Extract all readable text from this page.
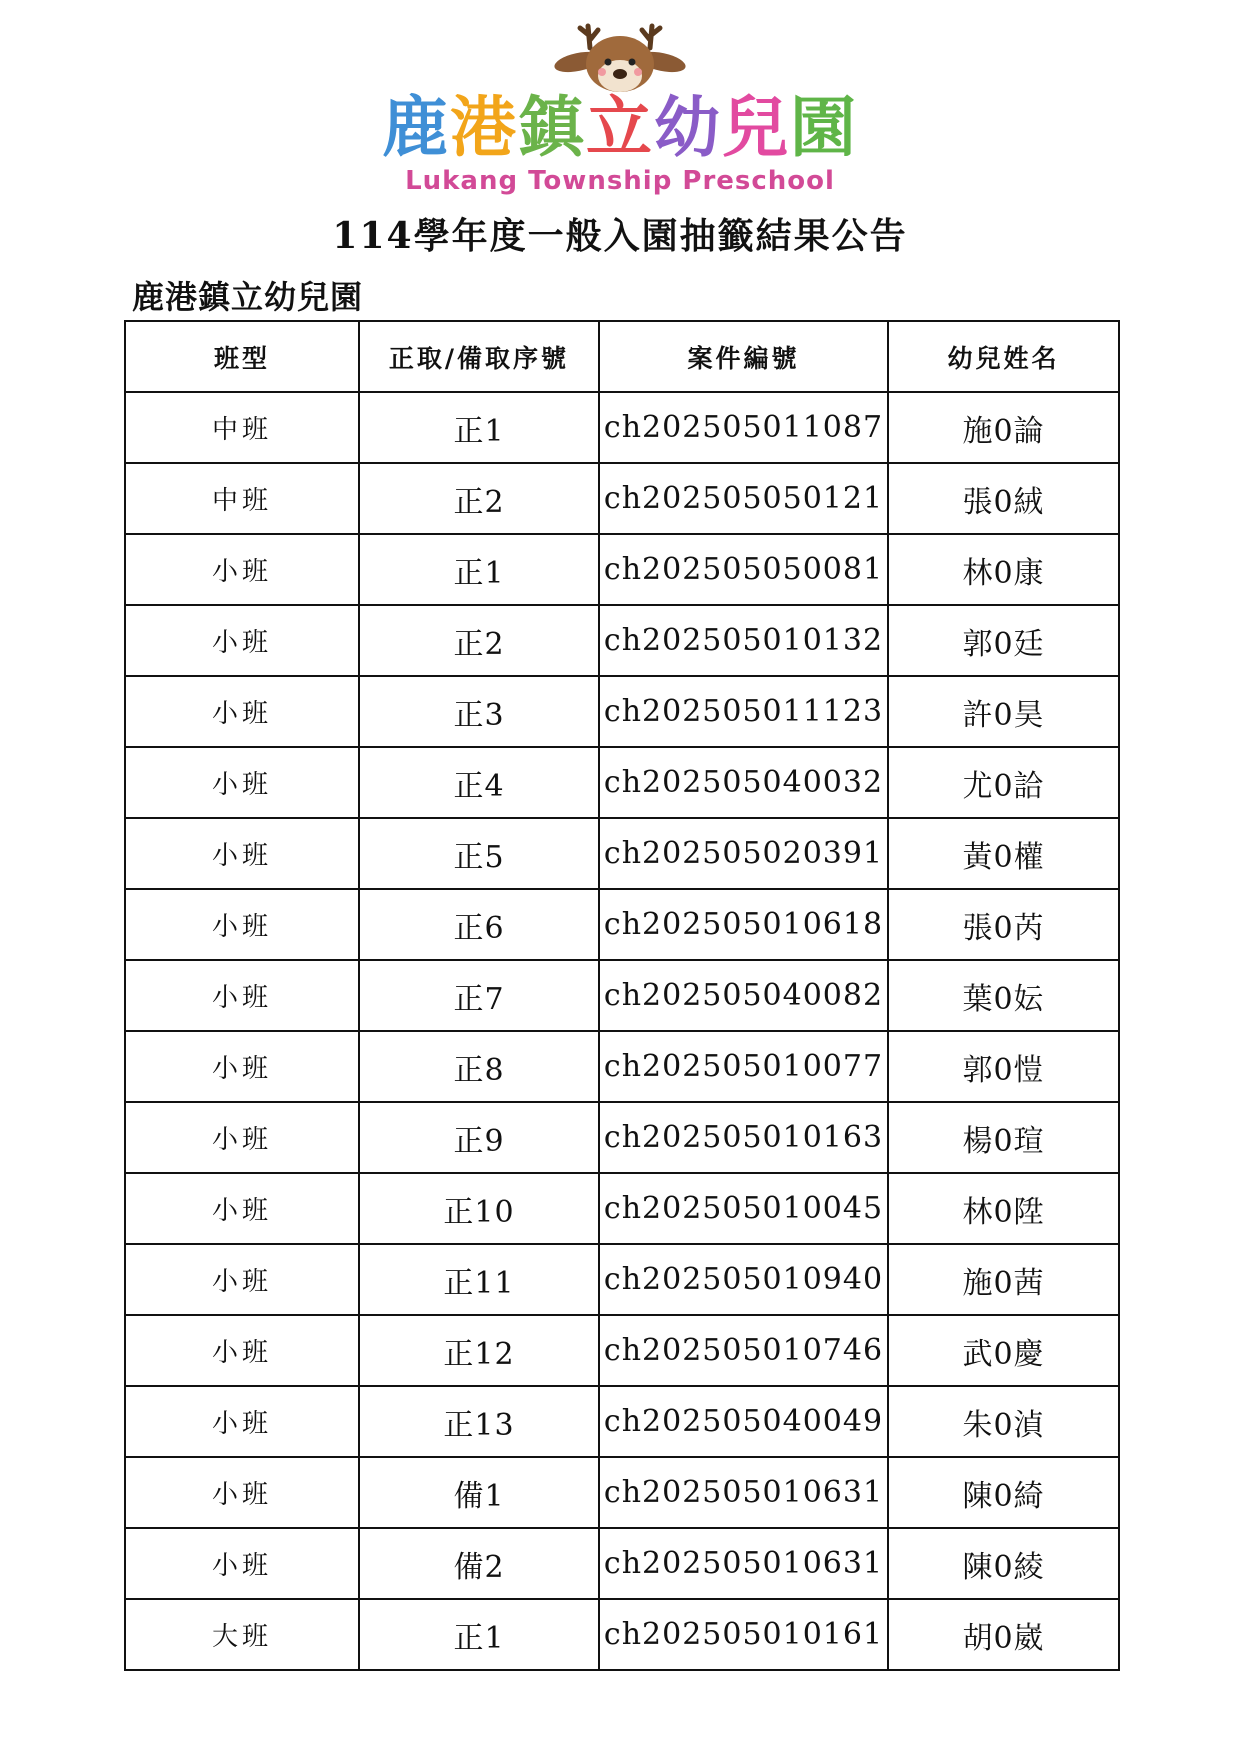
鹿港鎮立幼兒園
Lukang Township Preschool
114學年度一般入園抽籤結果公告
鹿港鎮立幼兒園
班型	正取/備取序號	案件編號	幼兒姓名
中班	正1	ch202505011087	施0論
中班	正2	ch202505050121	張0絨
小班	正1	ch202505050081	林0康
小班	正2	ch202505010132	郭0廷
小班	正3	ch202505011123	許0昊
小班	正4	ch202505040032	尤0詥
小班	正5	ch202505020391	黃0權
小班	正6	ch202505010618	張0芮
小班	正7	ch202505040082	葉0妘
小班	正8	ch202505010077	郭0愷
小班	正9	ch202505010163	楊0瑄
小班	正10	ch202505010045	林0陞
小班	正11	ch202505010940	施0茜
小班	正12	ch202505010746	武0慶
小班	正13	ch202505040049	朱0湞
小班	備1	ch202505010631	陳0綺
小班	備2	ch202505010631	陳0綾
大班	正1	ch202505010161	胡0崴
